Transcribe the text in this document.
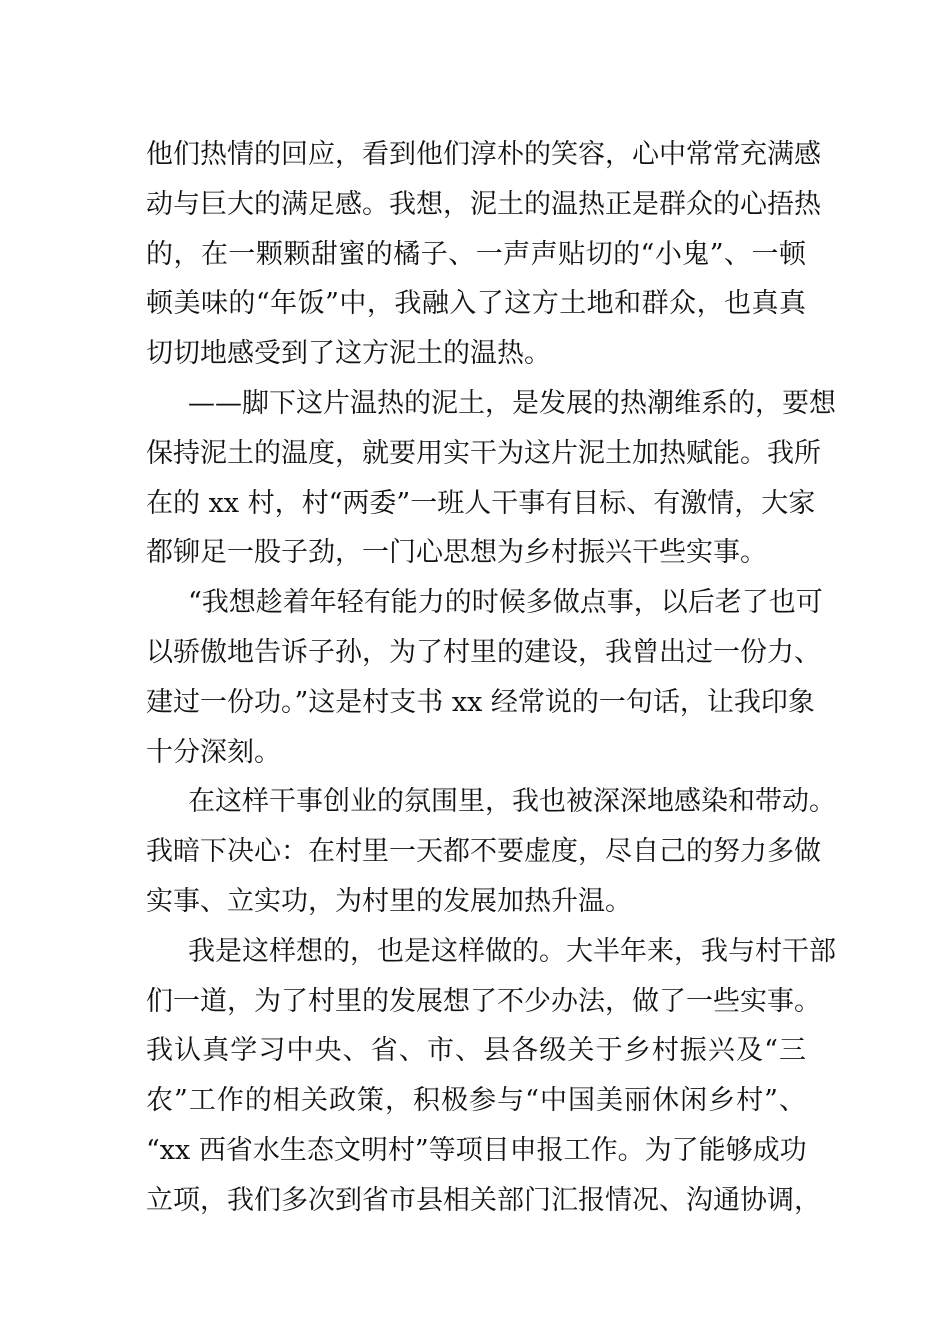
他们热情的回应，看到他们淳朴的笑容，心中常常充满感
动与巨大的满足感。我想，泥土的温热正是群众的心捂热
的，在一颗颗甜蜜的橘子、一声声贴切的“小鬼”、一顿
顿美味的“年饭”中，我融入了这方土地和群众，也真真
切切地感受到了这方泥土的温热。
——脚下这片温热的泥土，是发展的热潮维系的，要想
保持泥土的温度，就要用实干为这片泥土加热赋能。我所
在的 xx 村，村“两委”一班人干事有目标、有激情，大家
都铆足一股子劲，一门心思想为乡村振兴干些实事。
“我想趁着年轻有能力的时候多做点事，以后老了也可
以骄傲地告诉子孙，为了村里的建设，我曾出过一份力、
建过一份功。”这是村支书 xx 经常说的一句话，让我印象
十分深刻。
在这样干事创业的氛围里，我也被深深地感染和带动。
我暗下决心：在村里一天都不要虚度，尽自己的努力多做
实事、立实功，为村里的发展加热升温。
我是这样想的，也是这样做的。大半年来，我与村干部
们一道，为了村里的发展想了不少办法，做了一些实事。
我认真学习中央、省、市、县各级关于乡村振兴及“三
农”工作的相关政策，积极参与“中国美丽休闲乡村”、
“xx 西省水生态文明村”等项目申报工作。为了能够成功
立项，我们多次到省市县相关部门汇报情况、沟通协调，
